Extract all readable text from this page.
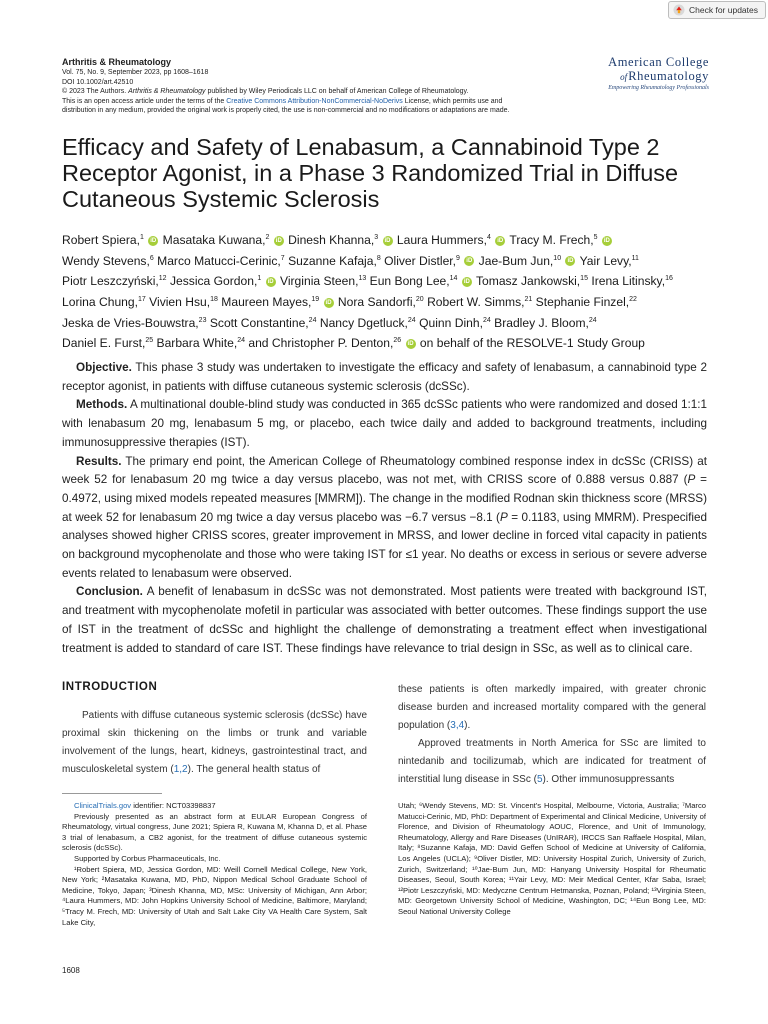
Check for updates
Arthritis & Rheumatology
Vol. 75, No. 9, September 2023, pp 1608–1618
DOI 10.1002/art.42510
© 2023 The Authors. Arthritis & Rheumatology published by Wiley Periodicals LLC on behalf of American College of Rheumatology.
This is an open access article under the terms of the Creative Commons Attribution-NonCommercial-NoDerivs License, which permits use and
distribution in any medium, provided the original work is properly cited, the use is non-commercial and no modifications or adaptations are made.
American College
ofRheumatology
Empowering Rheumatology Professionals
Efficacy and Safety of Lenabasum, a Cannabinoid Type 2 Receptor Agonist, in a Phase 3 Randomized Trial in Diffuse Cutaneous Systemic Sclerosis
Robert Spiera,$^1$ iD Masataka Kuwana,$^2$ iD Dinesh Khanna,$^3$ iD Laura Hummers,$^4$ iD Tracy M. Frech,$^5$ iD
Wendy Stevens,$^6$ Marco Matucci-Cerinic,$^7$ Suzanne Kafaja,$^8$ Oliver Distler,$^9$ iD Jae-Bum Jun,$^{10}$ iD Yair Levy,$^{11}$
Piotr Leszczyński,$^{12}$ Jessica Gordon,$^1$ iD Virginia Steen,$^{13}$ Eun Bong Lee,$^{14}$ iD Tomasz Jankowski,$^{15}$ Irena Litinsky,$^{16}$
Lorina Chung,$^{17}$ Vivien Hsu,$^{18}$ Maureen Mayes,$^{19}$ iD Nora Sandorfi,$^{20}$ Robert W. Simms,$^{21}$ Stephanie Finzel,$^{22}$
Jeska de Vries-Bouwstra,$^{23}$ Scott Constantine,$^{24}$ Nancy Dgetluck,$^{24}$ Quinn Dinh,$^{24}$ Bradley J. Bloom,$^{24}$
Daniel E. Furst,$^{25}$ Barbara White,$^{24}$ and Christopher P. Denton,$^{26}$ iD on behalf of the RESOLVE-1 Study Group

Objective. This phase 3 study was undertaken to investigate the efficacy and safety of lenabasum, a cannabinoid type 2 receptor agonist, in patients with diffuse cutaneous systemic sclerosis (dcSSc).

Methods. A multinational double-blind study was conducted in 365 dcSSc patients who were randomized and dosed 1:1:1 with lenabasum 20 mg, lenabasum 5 mg, or placebo, each twice daily and added to background treatments, including immunosuppressive therapies (IST).

Results. The primary end point, the American College of Rheumatology combined response index in dcSSc (CRISS) at week 52 for lenabasum 20 mg twice a day versus placebo, was not met, with CRISS score of 0.888 versus 0.887 (P = 0.4972, using mixed models repeated measures [MMRM]). The change in the modified Rodnan skin thickness score (MRSS) at week 52 for lenabasum 20 mg twice a day versus placebo was −6.7 versus −8.1 (P = 0.1183, using MMRM). Prespecified analyses showed higher CRISS scores, greater improvement in MRSS, and lower decline in forced vital capacity in patients on background mycophenolate and those who were taking IST for ≤1 year. No deaths or excess in serious or severe adverse events related to lenabasum were observed.

Conclusion. A benefit of lenabasum in dcSSc was not demonstrated. Most patients were treated with background IST, and treatment with mycophenolate mofetil in particular was associated with better outcomes. These findings support the use of IST in the treatment of dcSSc and highlight the challenge of demonstrating a treatment effect when investigational treatment is added to standard of care IST. These findings have relevance to trial design in SSc, as well as to clinical care.

INTRODUCTION

Patients with diffuse cutaneous systemic sclerosis (dcSSc) have proximal skin thickening on the limbs or trunk and variable involvement of the lungs, heart, kidneys, gastrointestinal tract, and musculoskeletal system (1,2). The general health status of

these patients is often markedly impaired, with greater chronic disease burden and increased mortality compared with the general population (3,4).

Approved treatments in North America for SSc are limited to nintedanib and tocilizumab, which are indicated for treatment of interstitial lung disease in SSc (5). Other immunosuppressants

ClinicalTrials.gov identifier: NCT03398837

Previously presented as an abstract form at EULAR European Congress of Rheumatology, virtual congress, June 2021; Spiera R, Kuwana M, Khanna D, et al. Phase 3 trial of lenabasum, a CB2 agonist, for the treatment of diffuse cutaneous systemic sclerosis (dcSSc).

Supported by Corbus Pharmaceuticals, Inc.

¹Robert Spiera, MD, Jessica Gordon, MD: Weill Cornell Medical College, New York, New York; ²Masataka Kuwana, MD, PhD, Nippon Medical School Graduate School of Medicine, Tokyo, Japan; ³Dinesh Khanna, MD, MSc: University of Michigan, Ann Arbor; ⁴Laura Hummers, MD: John Hopkins University School of Medicine, Baltimore, Maryland; ⁵Tracy M. Frech, MD: University of Utah and Salt Lake City VA Health Care System, Salt Lake City,

Utah; ⁶Wendy Stevens, MD: St. Vincent's Hospital, Melbourne, Victoria, Australia; ⁷Marco Matucci-Cerinic, MD, PhD: Department of Experimental and Clinical Medicine, University of Florence, and Division of Rheumatology AOUC, Florence, and Unit of Immunology, Rheumatology, Allergy and Rare Diseases (UnIRAR), IRCCS San Raffaele Hospital, Milan, Italy; ⁸Suzanne Kafaja, MD: David Geffen School of Medicine at University of California, Los Angeles (UCLA); ⁹Oliver Distler, MD: University Hospital Zurich, University of Zurich, Zurich, Switzerland; ¹⁰Jae-Bum Jun, MD: Hanyang University Hospital for Rheumatic Diseases, Seoul, South Korea; ¹¹Yair Levy, MD: Meir Medical Center, Kfar Saba, Israel; ¹²Piotr Leszczyński, MD: Medyczne Centrum Hetmanska, Poznan, Poland; ¹³Virginia Steen, MD: Georgetown University School of Medicine, Washington, DC; ¹⁴Eun Bong Lee, MD: Seoul National University College

1608
